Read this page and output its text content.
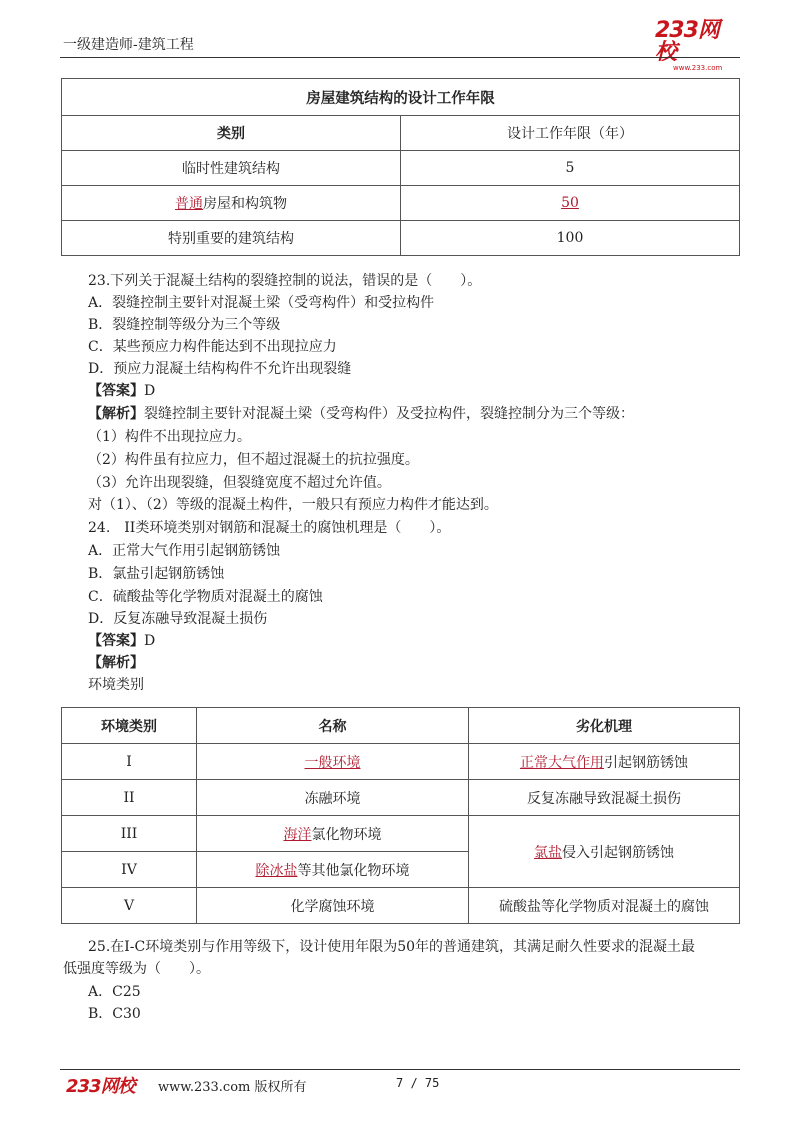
一级建造师-建筑工程
233网校
www.233.com
房屋建筑结构的设计工作年限	
类别	设计工作年限（年）
临时性建筑结构	5
普通房屋和构筑物	50
特别重要的建筑结构	100
23.下列关于混凝土结构的裂缝控制的说法，错误的是（　　）。
A．裂缝控制主要针对混凝土梁（受弯构件）和受拉构件
B．裂缝控制等级分为三个等级
C．某些预应力构件能达到不出现拉应力
D．预应力混凝土结构构件不允许出现裂缝
【答案】D
【解析】裂缝控制主要针对混凝土梁（受弯构件）及受拉构件，裂缝控制分为三个等级：
（1）构件不出现拉应力。
（2）构件虽有拉应力，但不超过混凝土的抗拉强度。
（3）允许出现裂缝，但裂缝宽度不超过允许值。
对（1）、（2）等级的混凝土构件，一般只有预应力构件才能达到。
24.　II类环境类别对钢筋和混凝土的腐蚀机理是（　　）。
A．正常大气作用引起钢筋锈蚀
B．氯盐引起钢筋锈蚀
C．硫酸盐等化学物质对混凝土的腐蚀
D．反复冻融导致混凝土损伤
【答案】D
【解析】
环境类别
环境类别	名称	劣化机理
I	一般环境	正常大气作用引起钢筋锈蚀
II	冻融环境	反复冻融导致混凝土损伤
III	海洋氯化物环境	氯盐侵入引起钢筋锈蚀
IV	除冰盐等其他氯化物环境	
V	化学腐蚀环境	硫酸盐等化学物质对混凝土的腐蚀
25.在I-C环境类别与作用等级下，设计使用年限为50年的普通建筑，其满足耐久性要求的混凝土最
低强度等级为（　　）。
A．C25
B．C30
233网校 www.233.com 版权所有	7 / 75
